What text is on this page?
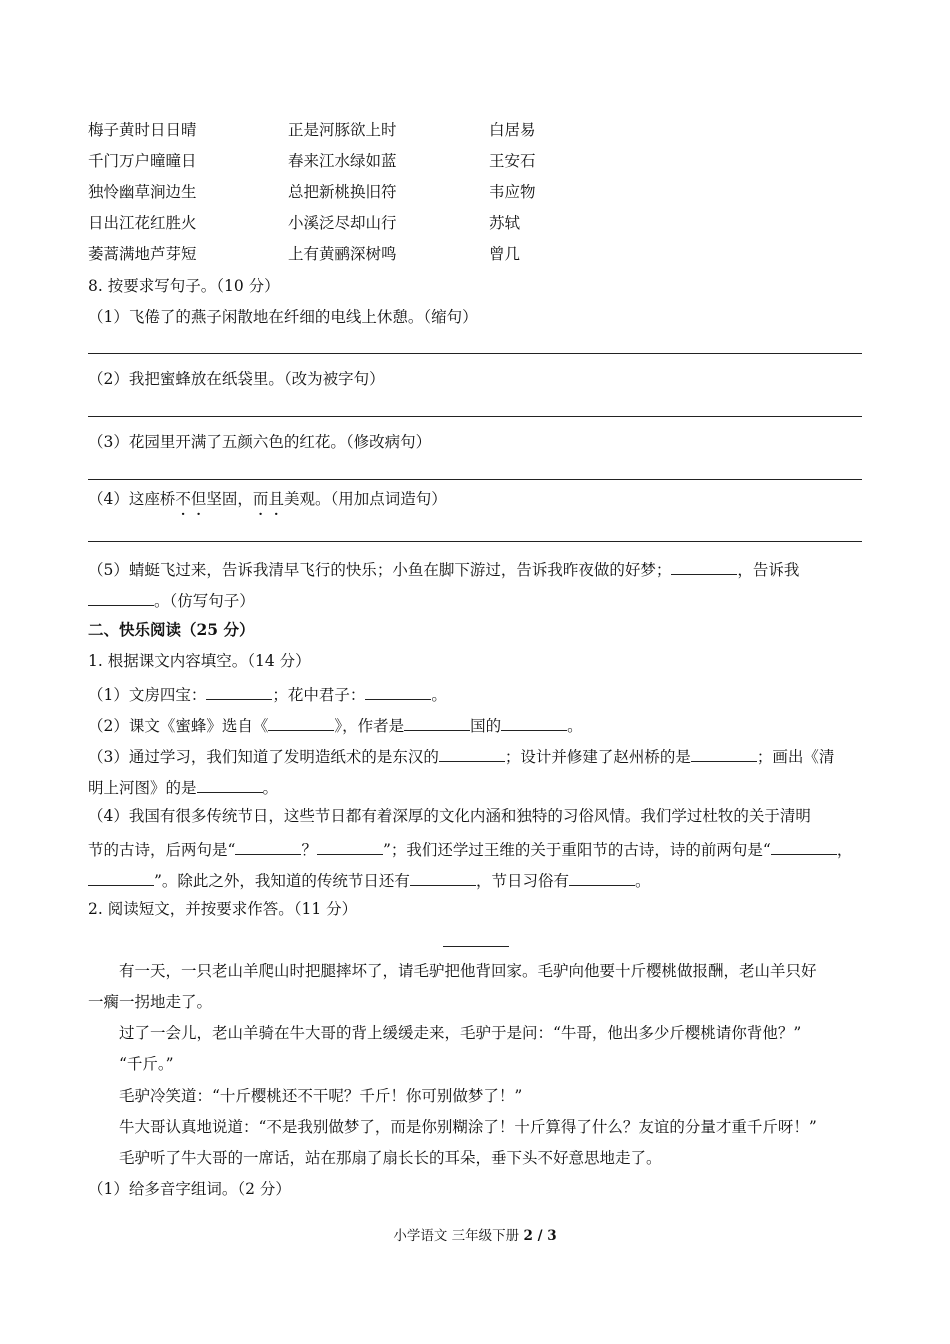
梅子黄时日日晴	正是河豚欲上时	白居易
千门万户曈曈日	春来江水绿如蓝	王安石
独怜幽草涧边生	总把新桃换旧符	韦应物
日出江花红胜火	小溪泛尽却山行	苏轼
萎蒿满地芦芽短	上有黄鹂深树鸣	曾几
8. 按要求写句子。（10 分）
（1）飞倦了的燕子闲散地在纤细的电线上休憩。（缩句）
（2）我把蜜蜂放在纸袋里。（改为被字句）
（3）花园里开满了五颜六色的红花。（修改病句）
（4）这座桥不但坚固，而且美观。（用加点词造句）
（5）蜻蜓飞过来，告诉我清早飞行的快乐；小鱼在脚下游过，告诉我昨夜做的好梦；	，告诉我
。（仿写句子）
二、快乐阅读（25 分）
1. 根据课文内容填空。（14 分）
（1）文房四宝：	；花中君子：	。
（2）课文《蜜蜂》选自《	》，作者是	国的	。
（3）通过学习，我们知道了发明造纸术的是东汉的	；设计并修建了赵州桥的是	；画出《清
明上河图》的是	。
（4）我国有很多传统节日，这些节日都有着深厚的文化内涵和独特的习俗风情。我们学过杜牧的关于清明
节的古诗，后两句是“	？	”；我们还学过王维的关于重阳节的古诗，诗的前两句是“	，
”。除此之外，我知道的传统节日还有	，节日习俗有	。
2. 阅读短文，并按要求作答。（11 分）
有一天，一只老山羊爬山时把腿摔坏了，请毛驴把他背回家。毛驴向他要十斤樱桃做报酬，老山羊只好
一瘸一拐地走了。
过了一会儿，老山羊骑在牛大哥的背上缓缓走来，毛驴于是问：“牛哥，他出多少斤樱桃请你背他？”
“千斤。”
毛驴冷笑道：“十斤樱桃还不干呢？千斤！你可别做梦了！”
牛大哥认真地说道：“不是我别做梦了，而是你别糊涂了！十斤算得了什么？友谊的分量才重千斤呀！”
毛驴听了牛大哥的一席话，站在那扇了扇长长的耳朵，垂下头不好意思地走了。
（1）给多音字组词。（2 分）
小学语文 三年级下册 2 / 3
